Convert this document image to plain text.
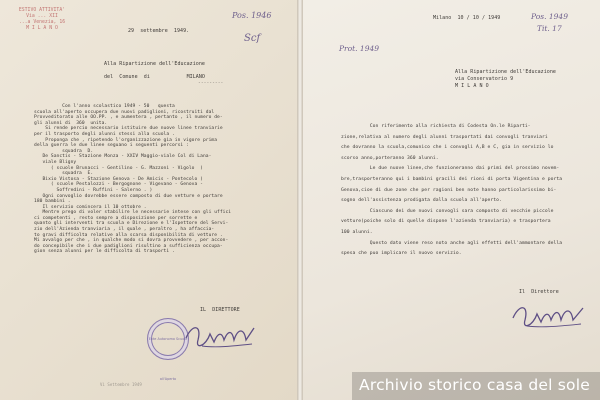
ESTIVO ATTIVITA'
Via ... XII
...a Venezia, 16
M I L A N O	29  settembre  1949.
Pos. 1946
Scf
Alla Ripartizione dell'Educazione
del  Comune  di            MILANO
---------
Con l'anno scolastico 1949 - 50   questa
scuola all'aperto occupera due nuovi padiglioni, ricostruiti dal
Provveditorato alle OO.PP. , e aumentera , pertanto , il numero de-
gli alunni di  360  unita.
Si rende percio necessario istituire due nuove linee tranviarie
per il trasporto degli alunni stessi alla scuola .
Proponga che , ripetendo l'organizzazione gia in vigore prima
della guerra le due linee seguano i seguenti percorsi :
squadra  D.
De Sanctis - Stazione Monza - XXIV Maggio-viale Col di Lana-
viale Bligny
( scuole Brunacci - Gentilino - G. Mazzoni - Vigolo  )
squadra  E.
Bixio Vistosa - Stazione Genova - De Amicis - Pontecolo )
( scuole Pestalozzi - Bergognone - Vigevano - Genova -
Soffredini - Ruffini - Salerno . )
Ogni convoglio dovrebbe essere composto di due vetture e portare
180 bambini .
Il servizio comincera il 10 ottobre .
Mentre prego di voler stabilire le necessarie intese con gli uffici
ci competenti , resto sempre a disposizione per sorrette e
quanto gli interventi tra scuola e Direzione e l'Ispettore del Servi-
zio dell'Azienda tranviaria , il quale , peraltro , ha affaccia-
to gravi difficolta relative alla scarsa disponibilita di vetture .
Mi avvalgo per che , in qualche modo si dovra provvedere , per accon-
do concepibile che i due padiglioni risultino a sufficienza occupa-
gion senza alunni per le difficolta di trasporti .
IL  DIRETTORE
Ente Autonomo Scuole all'Aperto
Vi Settembre 1949
Pos. 1949
Tit. 17
Prot. 1949
Milano  10 / 10 / 1949
Alla Ripartizione dell'Educazione
via Conservatorio 9
M I L A N O
Con riferimento alla richiesta di Codesta On.le Riparti-
zione,relativa al numero degli alunni trasportati dai convogli tranviari
che dovranno la scuola,comunico che i convogli A,B e C, gia in servizio lo
scorso anno,porteranno 360 alunni.
Le due nuove linee,che funzioneranno dai primi del prossimo novem-
bre,trasporteranno qui i bambini gracili dei rioni di porta Vigentina e porta
Genova,cioe di due zone che per ragioni ben note hanno particolarissimo bi-
sogno dell'assistenza prodigata dalla scuola all'aperto.
Ciascuno dei due nuovi convogli sara composto di vecchie piccole
vetture(poiche solo di quelle dispone l'azienda tranviaria) e trasportera
100 alunni.
Questo dato viene reso noto anche agli effetti dell'ammontare della
spesa che puo implicare il nuovo servizio.
Il  Direttore
Archivio storico casa del sole
